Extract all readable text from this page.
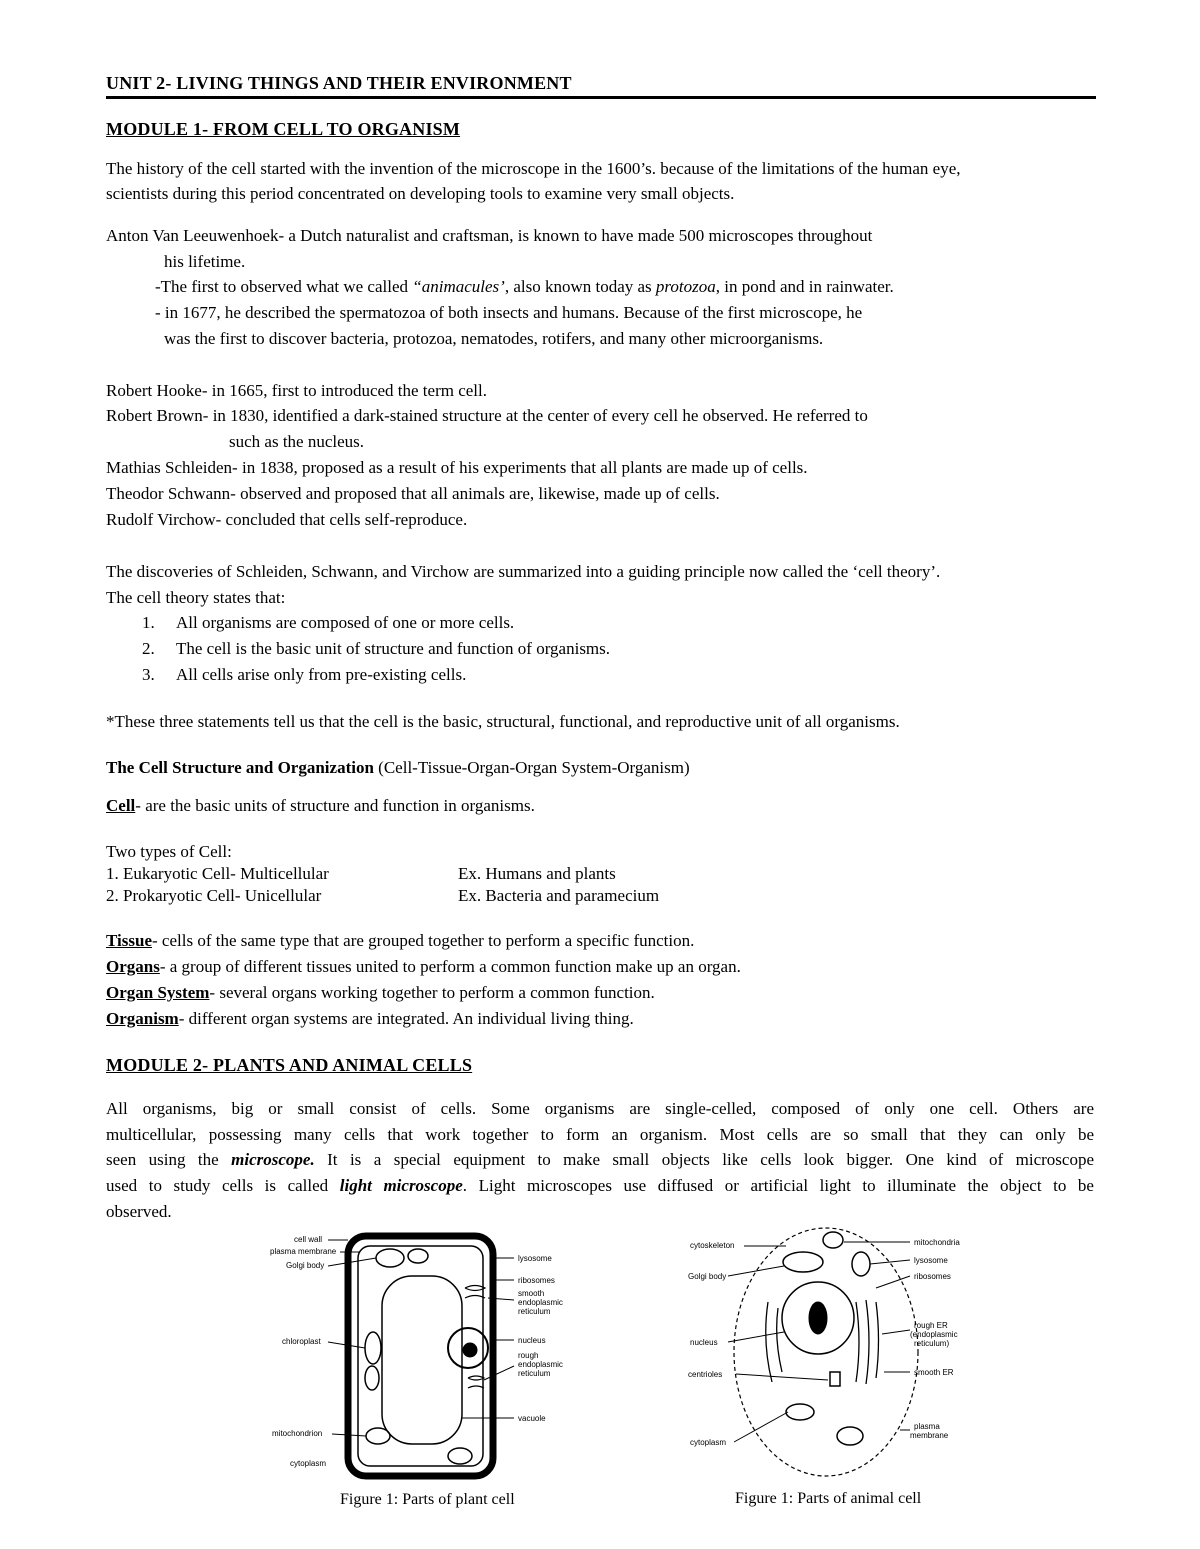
UNIT 2- LIVING THINGS AND THEIR ENVIRONMENT
MODULE 1- FROM CELL TO ORGANISM
The history of the cell started with the invention of the microscope in the 1600’s. because of the limitations of the human eye,
scientists during this period concentrated on developing tools to examine very small objects.
Anton Van Leeuwenhoek- a Dutch naturalist and craftsman, is known to have made 500 microscopes throughout
his lifetime.
-The first to observed what we called “animacules’, also known today as protozoa, in pond and in rainwater.
- in 1677, he described the spermatozoa of both insects and humans. Because of the first microscope, he
was the first to discover bacteria, protozoa, nematodes, rotifers, and many other microorganisms.
Robert Hooke- in 1665, first to introduced the term cell.
Robert Brown- in 1830, identified a dark-stained structure at the center of every cell he observed. He referred to
such as the nucleus.
Mathias Schleiden- in 1838, proposed as a result of his experiments that all plants are made up of cells.
Theodor Schwann- observed and proposed that all animals are, likewise, made up of cells.
Rudolf Virchow- concluded that cells self-reproduce.
The discoveries of Schleiden, Schwann, and Virchow are summarized into a guiding principle now called the ‘cell theory’.
The cell theory states that:
1. All organisms are composed of one or more cells.
2. The cell is the basic unit of structure and function of organisms.
3. All cells arise only from pre-existing cells.
*These three statements tell us that the cell is the basic, structural, functional, and reproductive unit of all organisms.
The Cell Structure and Organization (Cell-Tissue-Organ-Organ System-Organism)
Cell- are the basic units of structure and function in organisms.
Two types of Cell:
1. Eukaryotic Cell- Multicellular	Ex. Humans and plants
2. Prokaryotic Cell- Unicellular	Ex. Bacteria and paramecium
Tissue- cells of the same type that are grouped together to perform a specific function.
Organs- a group of different tissues united to perform a common function make up an organ.
Organ System- several organs working together to perform a common function.
Organism- different organ systems are integrated. An individual living thing.
MODULE 2- PLANTS AND ANIMAL CELLS
All organisms, big or small consist of cells. Some organisms are single-celled, composed of only one cell. Others are
multicellular, possessing many cells that work together to form an organism. Most cells are so small that they can only be
seen using the microscope. It is a special equipment to make small objects like cells look bigger. One kind of microscope
used to study cells is called light microscope. Light microscopes use diffused or artificial light to illuminate the object to be
observed.
cell wall
plasma membrane
Golgi body
chloroplast
mitochondrion
cytoplasm
lysosome
ribosomes
smooth
endoplasmic
reticulum
nucleus
rough
endoplasmic
reticulum
vacuole
Figure 1: Parts of plant cell
cytoskeleton
Golgi body
nucleus
centrioles
cytoplasm
mitochondria
lysosome
ribosomes
rough ER
(endoplasmic
reticulum)
smooth ER
plasma
membrane
Figure 1: Parts of animal cell
